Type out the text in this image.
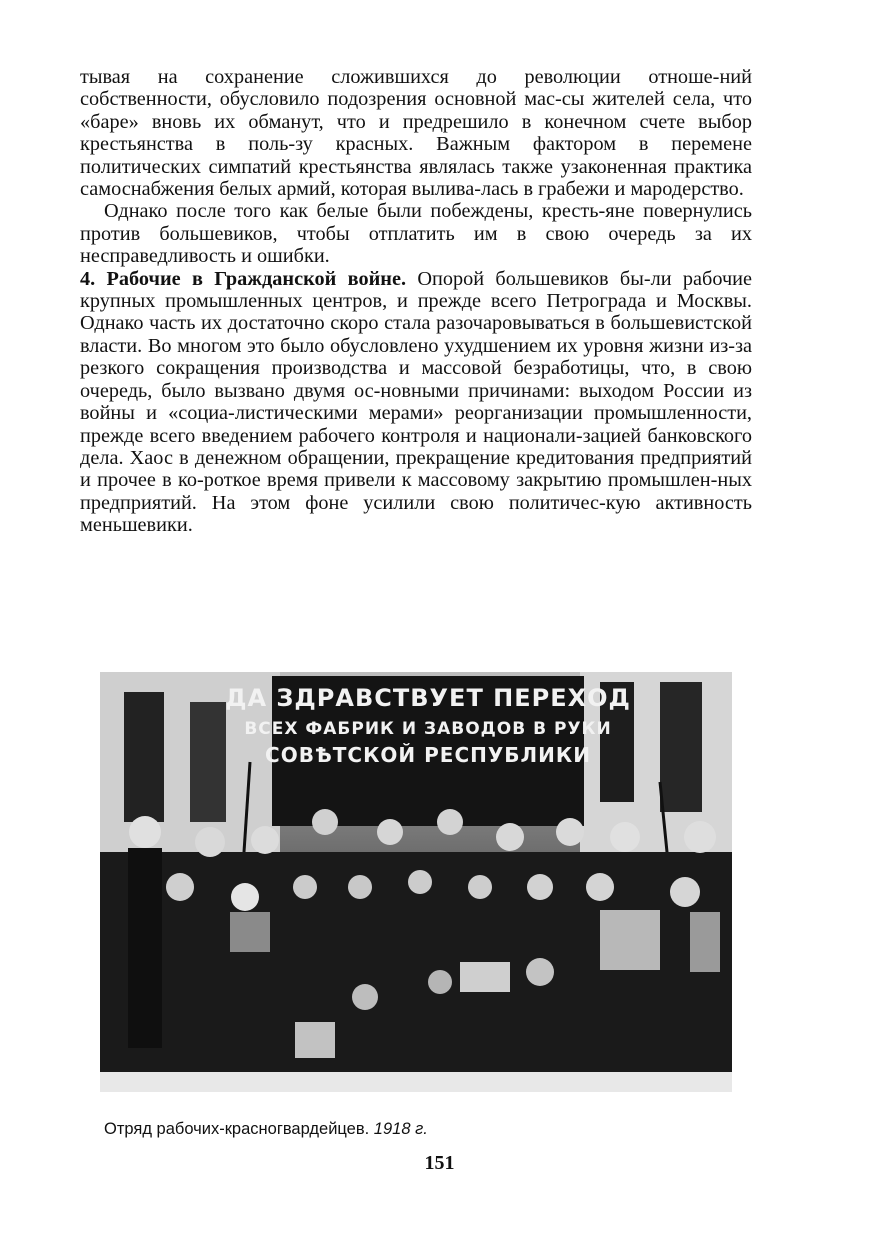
тывая на сохранение сложившихся до революции отноше-ний собственности, обусловило подозрения основной мас-сы жителей села, что «баре» вновь их обманут, что и предрешило в конечном счете выбор крестьянства в поль-зу красных. Важным фактором в перемене политических симпатий крестьянства являлась также узаконенная практика самоснабжения белых армий, которая вылива-лась в грабежи и мародерство.

Однако после того как белые были побеждены, кресть-яне повернулись против большевиков, чтобы отплатить им в свою очередь за их несправедливость и ошибки.

4. Рабочие в Гражданской войне. Опорой большевиков бы-ли рабочие крупных промышленных центров, и прежде всего Петрограда и Москвы. Однако часть их достаточно скоро стала разочаровываться в большевистской власти. Во многом это было обусловлено ухудшением их уровня жизни из-за резкого сокращения производства и массовой безработицы, что, в свою очередь, было вызвано двумя ос-новными причинами: выходом России из войны и «социа-листическими мерами» реорганизации промышленности, прежде всего введением рабочего контроля и национали-зацией банковского дела. Хаос в денежном обращении, прекращение кредитования предприятий и прочее в ко-роткое время привели к массовому закрытию промышлен-ных предприятий. На этом фоне усилили свою политичес-кую активность меньшевики.

ДА ЗДРАВСТВУЕТ ПЕРЕХОД
ВСЕХ ФАБРИК И ЗАВОДОВ В РУКИ
СОВѢТСКОЙ РЕСПУБЛИКИ
Отряд рабочих-красногвардейцев. 1918 г.
151
